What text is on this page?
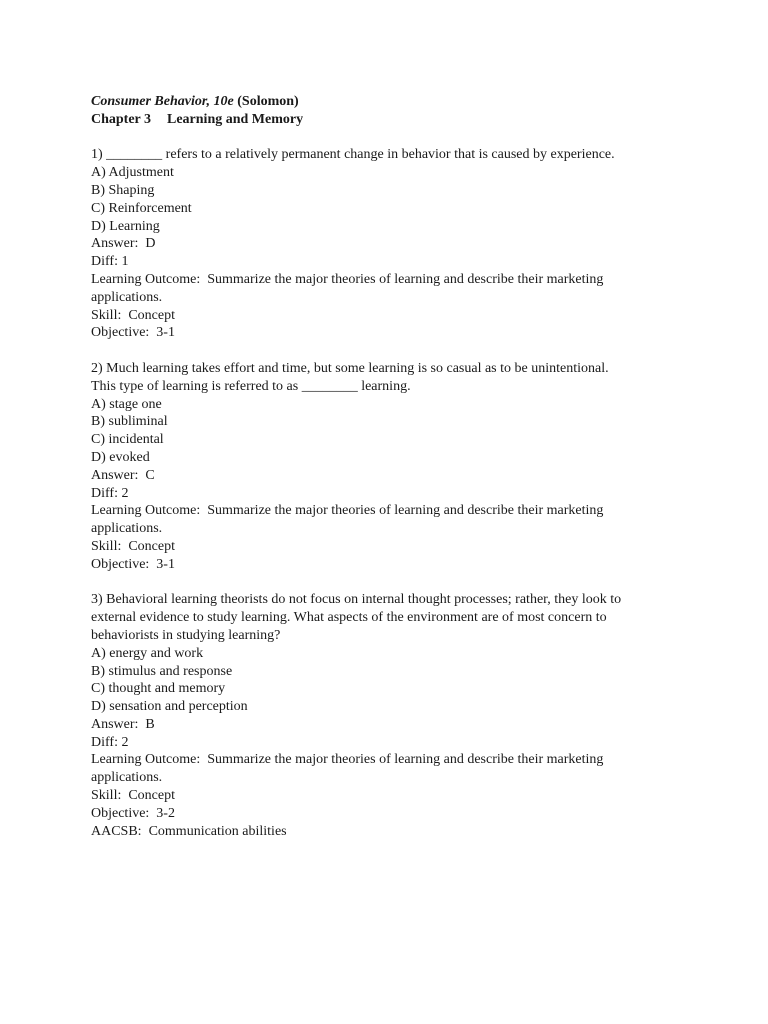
Consumer Behavior, 10e (Solomon)
Chapter 3 Learning and Memory
1) ________ refers to a relatively permanent change in behavior that is caused by experience.
A) Adjustment
B) Shaping
C) Reinforcement
D) Learning
Answer:  D
Diff: 1
Learning Outcome:  Summarize the major theories of learning and describe their marketing
applications.
Skill:  Concept
Objective:  3-1
2) Much learning takes effort and time, but some learning is so casual as to be unintentional.
This type of learning is referred to as ________ learning.
A) stage one
B) subliminal
C) incidental
D) evoked
Answer:  C
Diff: 2
Learning Outcome:  Summarize the major theories of learning and describe their marketing
applications.
Skill:  Concept
Objective:  3-1
3) Behavioral learning theorists do not focus on internal thought processes; rather, they look to
external evidence to study learning. What aspects of the environment are of most concern to
behaviorists in studying learning?
A) energy and work
B) stimulus and response
C) thought and memory
D) sensation and perception
Answer:  B
Diff: 2
Learning Outcome:  Summarize the major theories of learning and describe their marketing
applications.
Skill:  Concept
Objective:  3-2
AACSB:  Communication abilities
